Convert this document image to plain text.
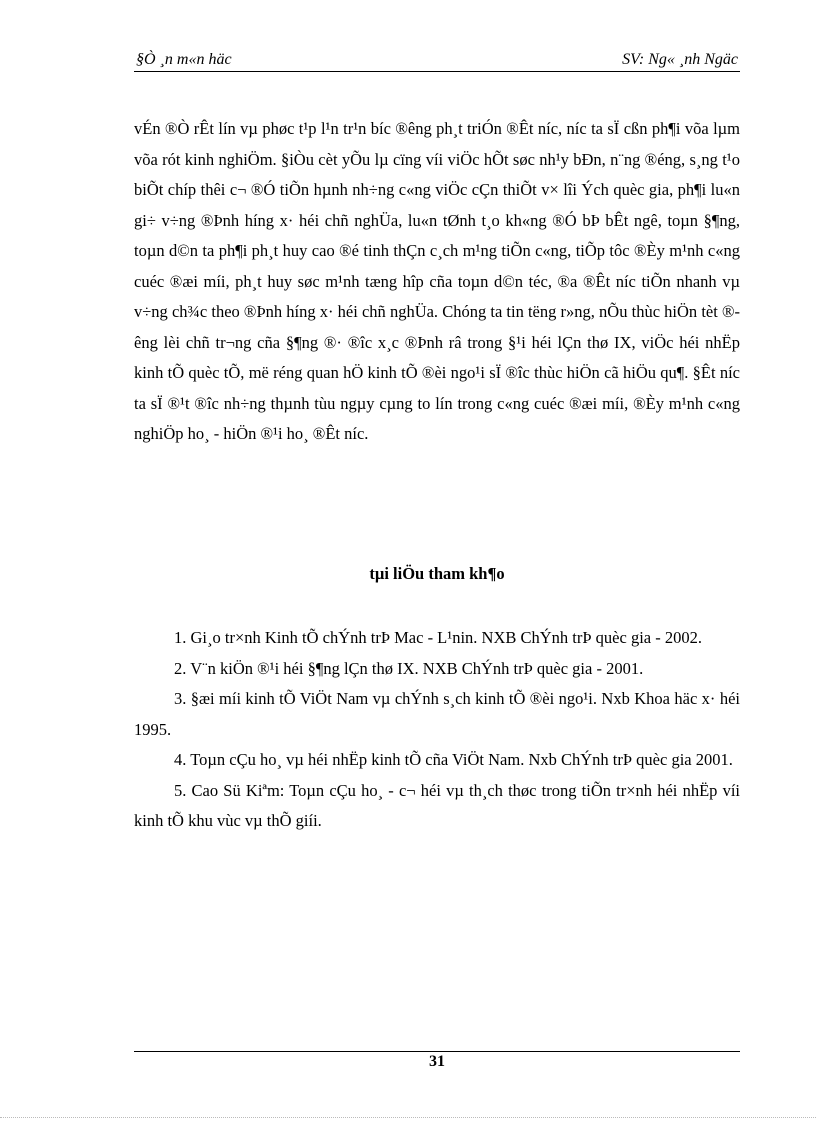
§Ò ¸n m«n häc	SV: Ng« ¸nh Ngäc

vÉn ®Ò rÊt lín vµ phøc t¹p l¹n tr¹n bíc ®êng ph¸t triÓn ®Êt níc, níc ta sÏ cßn ph¶i võa lµm võa rót kinh nghiÖm. §iÒu cèt yÕu lµ cïng víi viÖc hÕt søc nh¹y bÐn, n¨ng ®éng, s¸ng t¹o biÕt chíp thêi c¬ ®Ó tiÕn hµnh nh÷ng c«ng viÖc cÇn thiÕt v× lîi Ých quèc gia, ph¶i lu«n gi÷ v÷ng ®Þnh híng x· héi chñ nghÜa, lu«n tØnh t¸o kh«ng ®Ó bÞ bÊt ngê, toµn §¶ng, toµn d©n ta ph¶i ph¸t huy cao ®é tinh thÇn c¸ch m¹ng tiÕn c«ng, tiÕp tôc ®Èy m¹nh c«ng cuéc ®æi míi, ph¸t huy søc m¹nh tæng hîp cña toµn d©n téc, ®a ®Êt níc tiÕn nhanh vµ v÷ng ch¾c theo ®Þnh híng x· héi chñ nghÜa. Chóng ta tin tëng r»ng, nÕu thùc hiÖn tèt ®êng lèi chñ tr¬ng cña §¶ng ®· ®îc x¸c ®Þnh râ trong §¹i héi lÇn thø IX, viÖc héi nhËp kinh tÕ quèc tÕ, më réng quan hÖ kinh tÕ ®èi ngo¹i sÏ ®îc thùc hiÖn cã hiÖu qu¶. §Êt níc ta sÏ ®¹t ®îc nh÷ng thµnh tùu ngµy cµng to lín trong c«ng cuéc ®æi míi, ®Èy m¹nh c«ng nghiÖp ho¸ - hiÖn ®¹i ho¸ ®Êt níc.

tµi liÖu tham kh¶o
1. Gi¸o tr×nh Kinh tÕ chÝnh trÞ Mac - L¹nin. NXB ChÝnh trÞ quèc gia - 2002.
2. V¨n kiÖn ®¹i héi §¶ng lÇn thø IX. NXB ChÝnh trÞ quèc gia - 2001.
3. §æi míi kinh tÕ ViÖt Nam vµ chÝnh s¸ch kinh tÕ ®èi ngo¹i. Nxb Khoa häc x· héi 1995.
4. Toµn cÇu ho¸ vµ héi nhËp kinh tÕ cña ViÖt Nam. Nxb ChÝnh trÞ quèc gia 2001.
5. Cao Sü Kiªm: Toµn cÇu ho¸ - c¬ héi vµ th¸ch thøc trong tiÕn tr×nh héi nhËp víi kinh tÕ khu vùc vµ thÕ giíi.
31
